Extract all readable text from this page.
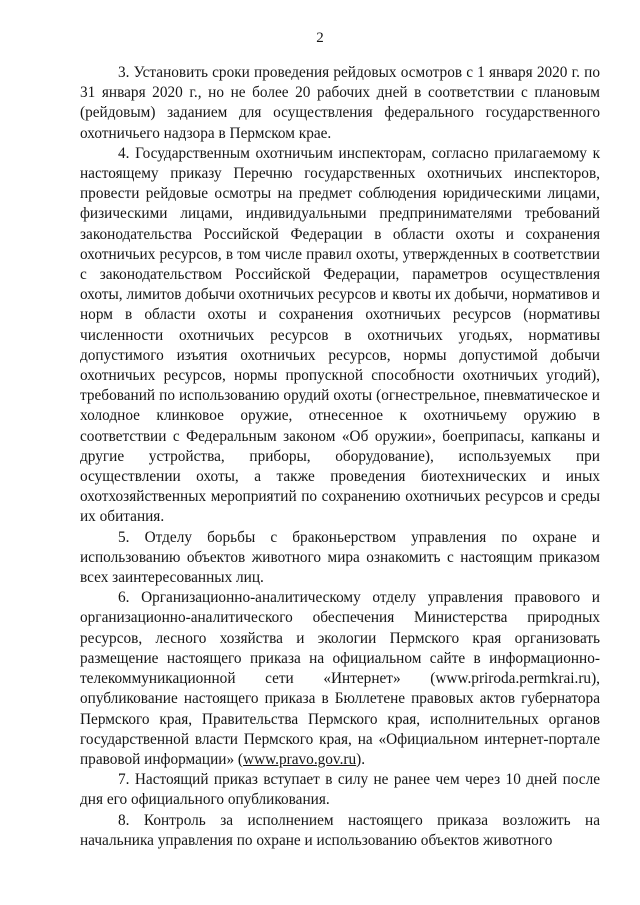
2

3. Установить сроки проведения рейдовых осмотров с 1 января 2020 г. по 31 января 2020 г., но не более 20 рабочих дней в соответствии с плановым (рейдовым) заданием для осуществления федерального государственного охотничьего надзора в Пермском крае.

4. Государственным охотничьим инспекторам, согласно прилагаемому к настоящему приказу Перечню государственных охотничьих инспекторов, провести рейдовые осмотры на предмет соблюдения юридическими лицами, физическими лицами, индивидуальными предпринимателями требований законодательства Российской Федерации в области охоты и сохранения охотничьих ресурсов, в том числе правил охоты, утвержденных в соответствии с законодательством Российской Федерации, параметров осуществления охоты, лимитов добычи охотничьих ресурсов и квоты их добычи, нормативов и норм в области охоты и сохранения охотничьих ресурсов (нормативы численности охотничьих ресурсов в охотничьих угодьях, нормативы допустимого изъятия охотничьих ресурсов, нормы допустимой добычи охотничьих ресурсов, нормы пропускной способности охотничьих угодий), требований по использованию орудий охоты (огнестрельное, пневматическое и холодное клинковое оружие, отнесенное к охотничьему оружию в соответствии с Федеральным законом «Об оружии», боеприпасы, капканы и другие устройства, приборы, оборудование), используемых при осуществлении охоты, а также проведения биотехнических и иных охотхозяйственных мероприятий по сохранению охотничьих ресурсов и среды их обитания.

5. Отделу борьбы с браконьерством управления по охране и использованию объектов животного мира ознакомить с настоящим приказом всех заинтересованных лиц.

6. Организационно-аналитическому отделу управления правового и организационно-аналитического обеспечения Министерства природных ресурсов, лесного хозяйства и экологии Пермского края организовать размещение настоящего приказа на официальном сайте в информационно-телекоммуникационной сети «Интернет» (www.priroda.permkrai.ru), опубликование настоящего приказа в Бюллетене правовых актов губернатора Пермского края, Правительства Пермского края, исполнительных органов государственной власти Пермского края, на «Официальном интернет-портале правовой информации» (www.pravo.gov.ru).

7. Настоящий приказ вступает в силу не ранее чем через 10 дней после дня его официального опубликования.

8. Контроль за исполнением настоящего приказа возложить на начальника управления по охране и использованию объектов животного
